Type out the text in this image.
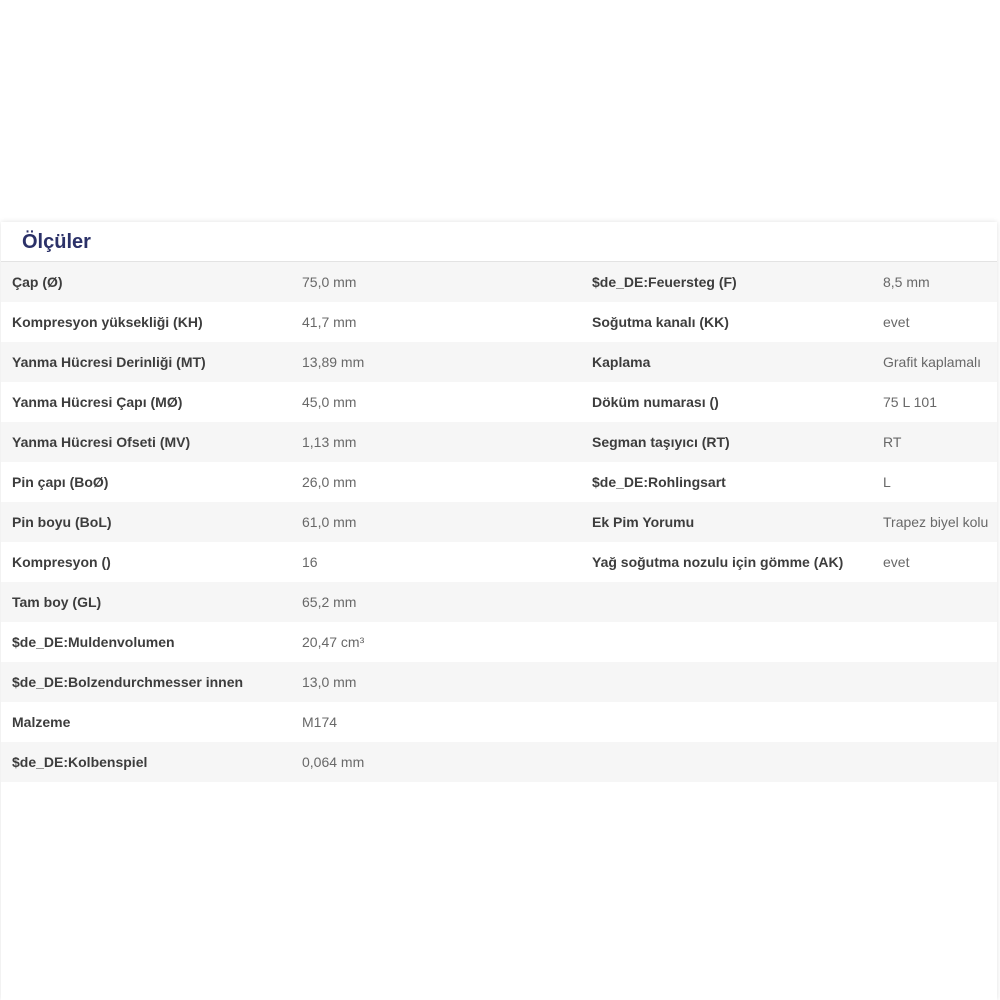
Ölçüler
Çap (Ø)	75,0 mm	$de_DE:Feuersteg (F)	8,5 mm
Kompresyon yüksekliği (KH)	41,7 mm	Soğutma kanalı (KK)	evet
Yanma Hücresi Derinliği (MT)	13,89 mm	Kaplama	Grafit kaplamalı
Yanma Hücresi Çapı (MØ)	45,0 mm	Döküm numarası ()	75 L 101
Yanma Hücresi Ofseti (MV)	1,13 mm	Segman taşıyıcı (RT)	RT
Pin çapı (BoØ)	26,0 mm	$de_DE:Rohlingsart	L
Pin boyu (BoL)	61,0 mm	Ek Pim Yorumu	Trapez biyel kolu
Kompresyon ()	16	Yağ soğutma nozulu için gömme (AK)	evet
Tam boy (GL)	65,2 mm
$de_DE:Muldenvolumen	20,47 cm³
$de_DE:Bolzendurchmesser innen	13,0 mm
Malzeme	M174
$de_DE:Kolbenspiel	0,064 mm
